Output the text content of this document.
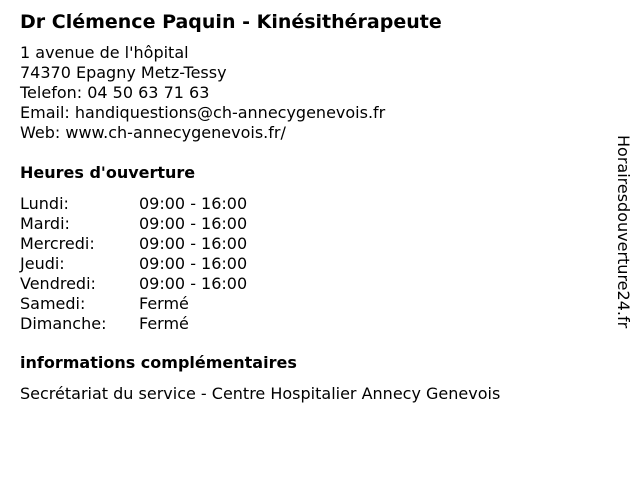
Dr Clémence Paquin - Kinésithérapeute
1 avenue de l'hôpital
74370 Epagny Metz-Tessy
Telefon: 04 50 63 71 63
Email: handiquestions@ch-annecygenevois.fr
Web: www.ch-annecygenevois.fr/
Heures d'ouverture
Lundi:	09:00 - 16:00
Mardi:	09:00 - 16:00
Mercredi:	09:00 - 16:00
Jeudi:	09:00 - 16:00
Vendredi:	09:00 - 16:00
Samedi:	Fermé
Dimanche:	Fermé
informations complémentaires
Secrétariat du service - Centre Hospitalier Annecy Genevois
Horairesdouverture24.fr
